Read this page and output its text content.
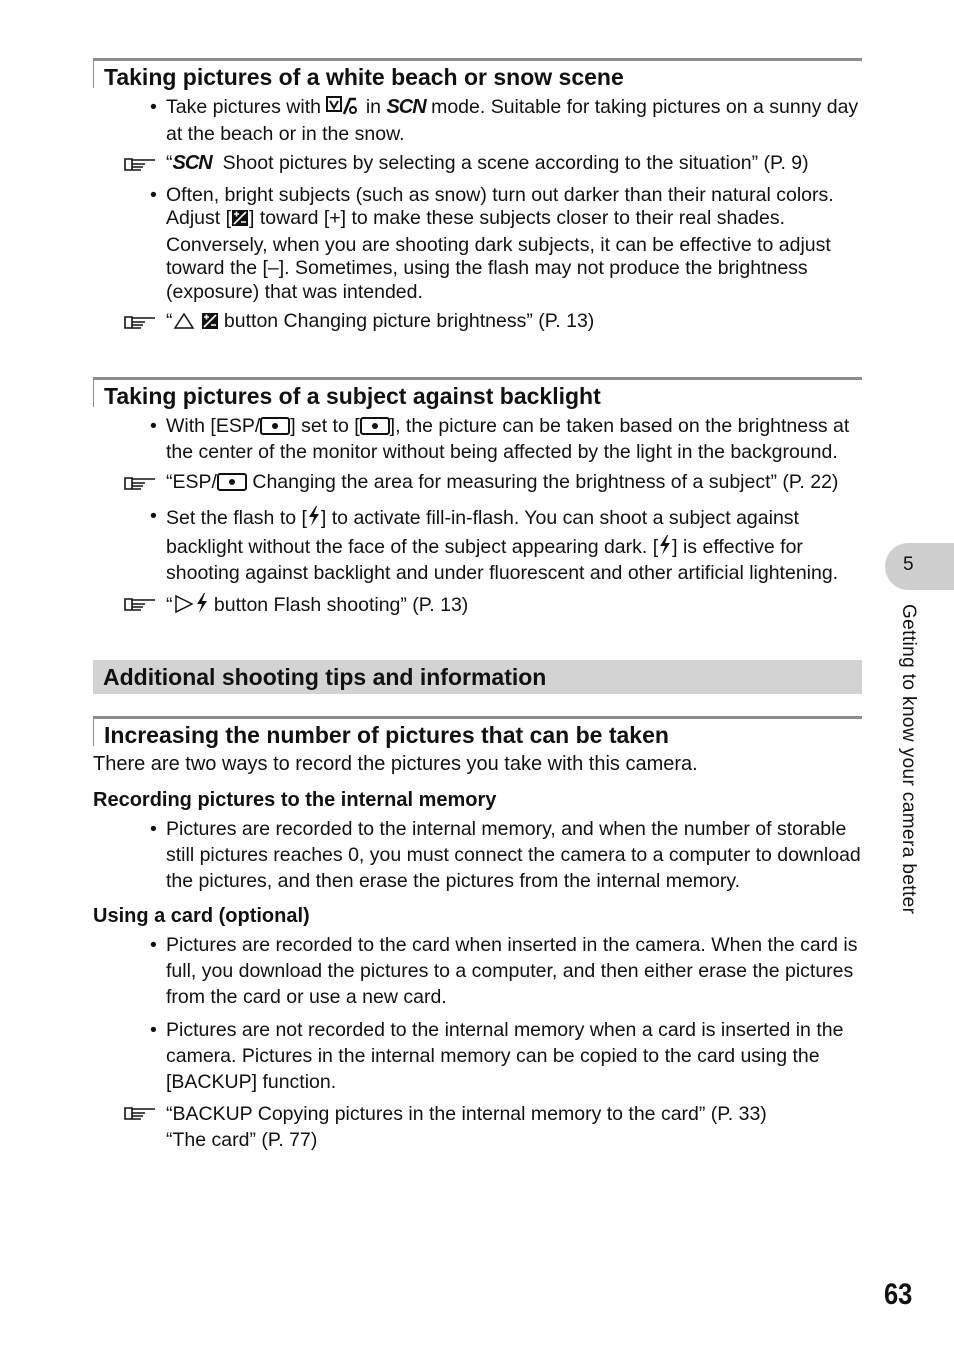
Taking pictures of a white beach or snow scene
• Take pictures with in SCN mode. Suitable for taking pictures on a sunny day at the beach or in the snow.
“SCN Shoot pictures by selecting a scene according to the situation” (P. 9)
• Often, bright subjects (such as snow) turn out darker than their natural colors. Adjust [ ] toward [+] to make these subjects closer to their real shades. Conversely, when you are shooting dark subjects, it can be effective to adjust toward the [–]. Sometimes, using the flash may not produce the brightness (exposure) that was intended.
“	button Changing picture brightness” (P. 13)
Taking pictures of a subject against backlight
• With [ESP/ ] set to [ ], the picture can be taken based on the brightness at the center of the monitor without being affected by the light in the background.
“ESP/ Changing the area for measuring the brightness of a subject” (P. 22)
• Set the flash to [ ] to activate fill-in-flash. You can shoot a subject against backlight without the face of the subject appearing dark. [ ] is effective for shooting against backlight and under fluorescent and other artificial lightening.
“ button Flash shooting” (P. 13)
Additional shooting tips and information
Increasing the number of pictures that can be taken
There are two ways to record the pictures you take with this camera.
Recording pictures to the internal memory
• Pictures are recorded to the internal memory, and when the number of storable still pictures reaches 0, you must connect the camera to a computer to download the pictures, and then erase the pictures from the internal memory.
Using a card (optional)
• Pictures are recorded to the card when inserted in the camera. When the card is full, you download the pictures to a computer, and then either erase the pictures from the card or use a new card.
• Pictures are not recorded to the internal memory when a card is inserted in the camera. Pictures in the internal memory can be copied to the card using the [BACKUP] function.
“BACKUP Copying pictures in the internal memory to the card” (P. 33)
“The card” (P. 77)
5
Getting to know your camera better
63
